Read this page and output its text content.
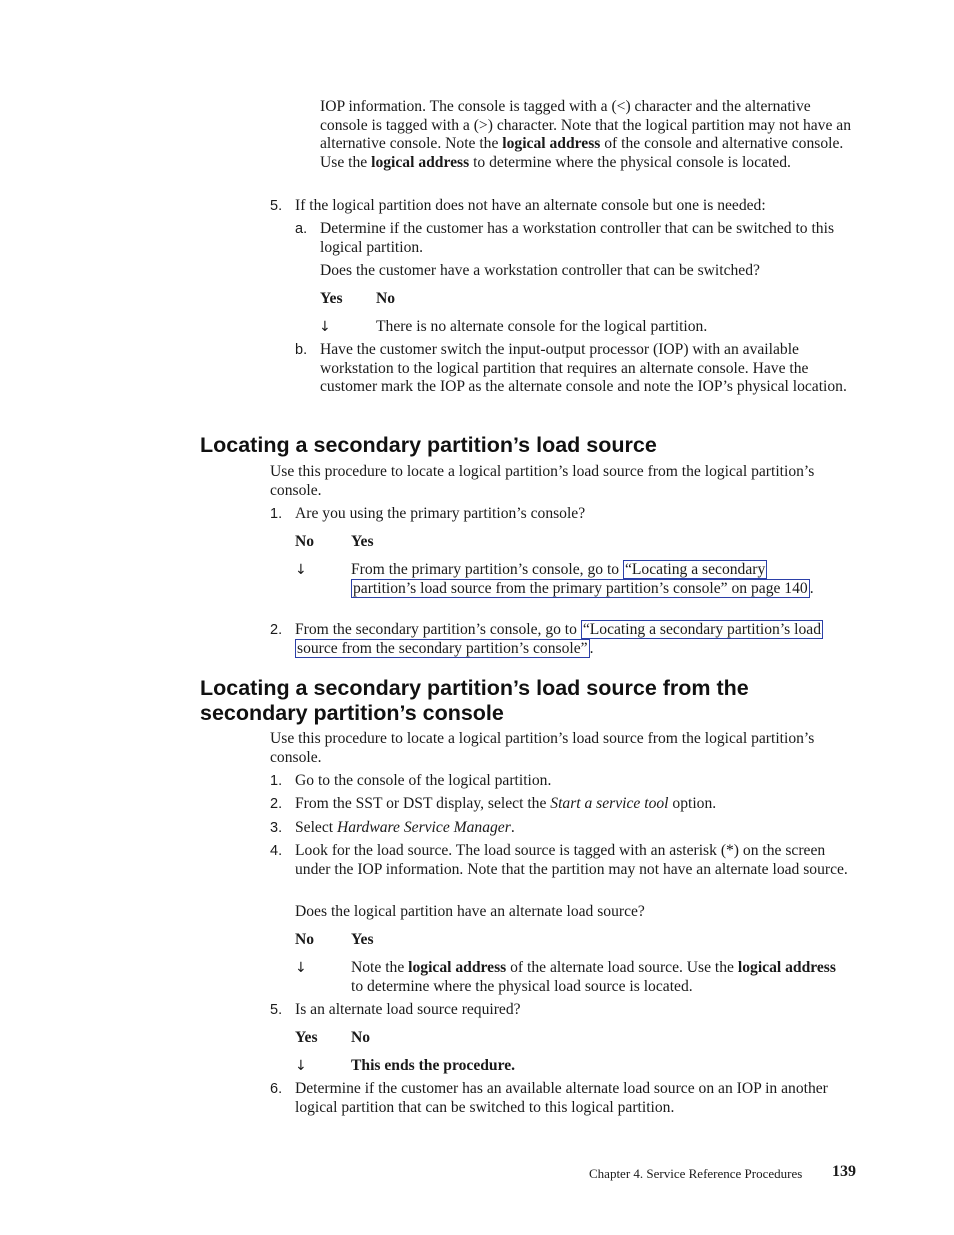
IOP information. The console is tagged with a (<) character and the alternative console is tagged with a (>) character. Note that the logical partition may not have an alternative console. Note the logical address of the console and alternative console. Use the logical address to determine where the physical console is located.
5. If the logical partition does not have an alternate console but one is needed:
a. Determine if the customer has a workstation controller that can be switched to this logical partition.
Does the customer have a workstation controller that can be switched?
Yes No
↓	There is no alternate console for the logical partition.
b. Have the customer switch the input-output processor (IOP) with an available workstation to the logical partition that requires an alternate console. Have the customer mark the IOP as the alternate console and note the IOP’s physical location.
Locating a secondary partition’s load source
Use this procedure to locate a logical partition’s load source from the logical partition’s console.
1. Are you using the primary partition’s console?
No Yes
↓	From the primary partition’s console, go to “Locating a secondary partition’s load source from the primary partition’s console” on page 140 .
2. From the secondary partition’s console, go to “Locating a secondary partition’s load source from the secondary partition’s console” .
Locating a secondary partition’s load source from the
secondary partition’s console
Use this procedure to locate a logical partition’s load source from the logical partition’s console.
1. Go to the console of the logical partition.
2. From the SST or DST display, select the Start a service tool option.
3. Select Hardware Service Manager.
4. Look for the load source. The load source is tagged with an asterisk (*) on the screen under the IOP information. Note that the partition may not have an alternate load source.
Does the logical partition have an alternate load source?
No Yes
↓	Note the logical address of the alternate load source. Use the logical address to determine where the physical load source is located.
5. Is an alternate load source required?
Yes No
↓	This ends the procedure.
6. Determine if the customer has an available alternate load source on an IOP in another logical partition that can be switched to this logical partition.
Chapter 4. Service Reference Procedures 139
